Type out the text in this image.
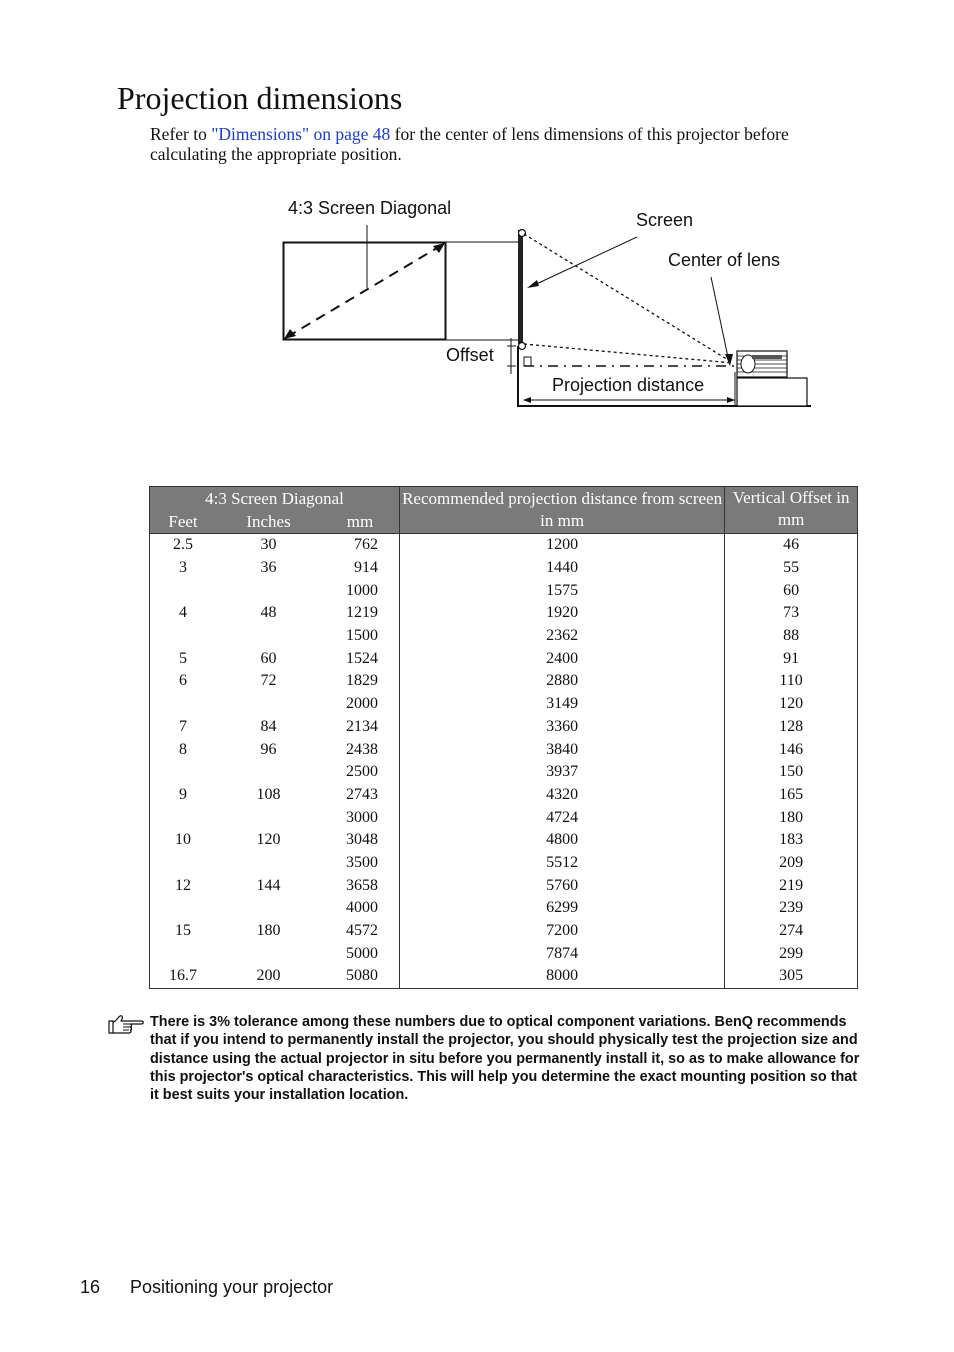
Projection dimensions
Refer to "Dimensions" on page 48 for the center of lens dimensions of this projector before calculating the appropriate position.
4:3 Screen Diagonal
Screen
Center of lens
Offset
Projection distance
4:3 Screen Diagonal			Recommended projection distance from screen in mm	Vertical Offset in mm
Feet	Inches	mm		
2.5	30	762	1200	46
3	36	914	1440	55
		1000	1575	60
4	48	1219	1920	73
		1500	2362	88
5	60	1524	2400	91
6	72	1829	2880	110
		2000	3149	120
7	84	2134	3360	128
8	96	2438	3840	146
		2500	3937	150
9	108	2743	4320	165
		3000	4724	180
10	120	3048	4800	183
		3500	5512	209
12	144	3658	5760	219
		4000	6299	239
15	180	4572	7200	274
		5000	7874	299
16.7	200	5080	8000	305
There is 3% tolerance among these numbers due to optical component variations. BenQ recommends that if you intend to permanently install the projector, you should physically test the projection size and distance using the actual projector in situ before you permanently install it, so as to make allowance for this projector's optical characteristics. This will help you determine the exact mounting position so that it best suits your installation location.
16 Positioning your projector
